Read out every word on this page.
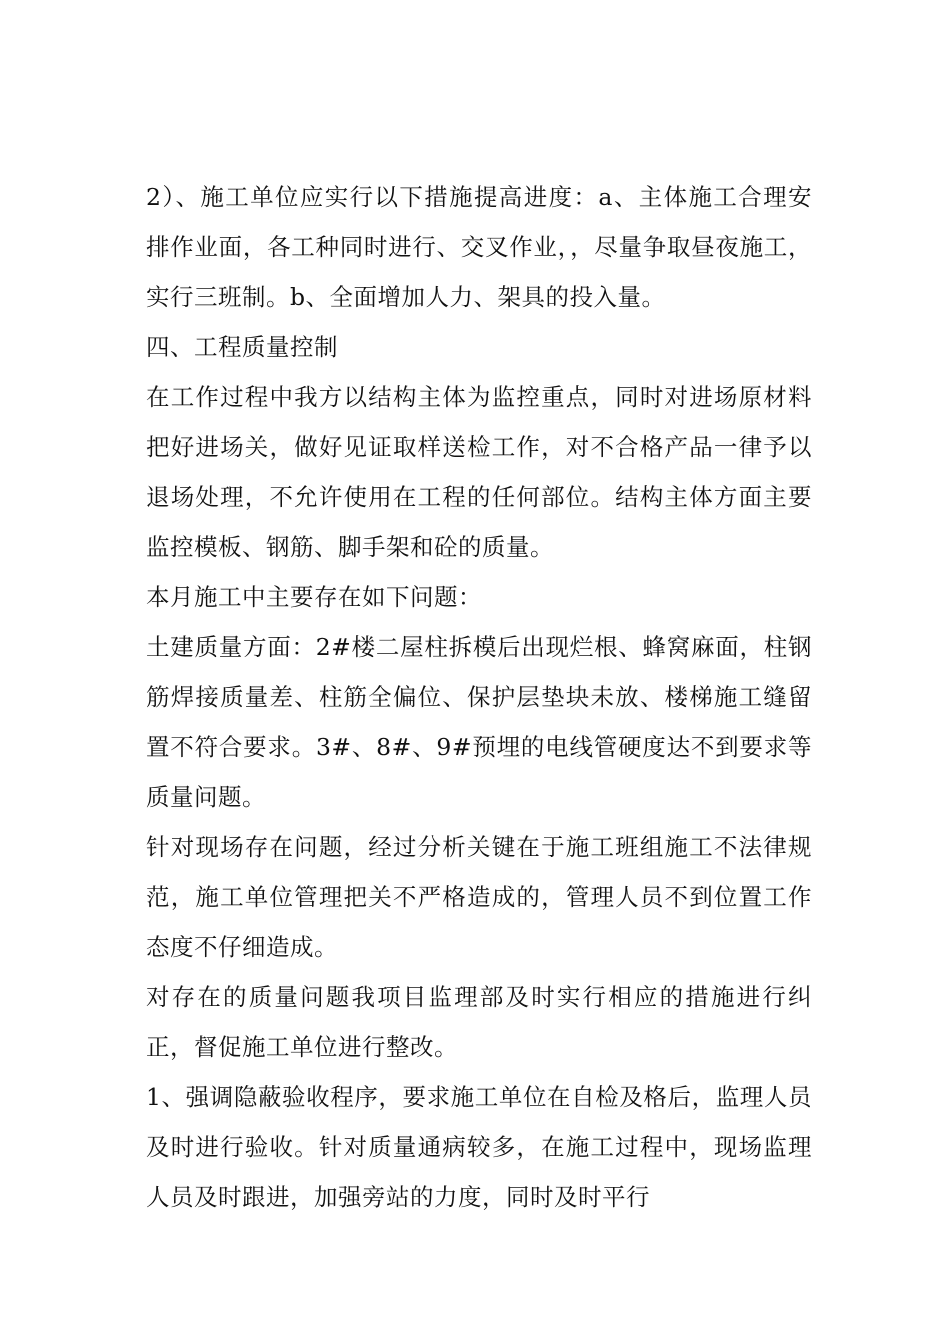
2）、施工单位应实行以下措施提高进度：a、主体施工合理安排作业面，各工种同时进行、交叉作业，，尽量争取昼夜施工，实行三班制。b、全面增加人力、架具的投入量。

四、工程质量控制

在工作过程中我方以结构主体为监控重点，同时对进场原材料把好进场关，做好见证取样送检工作，对不合格产品一律予以退场处理，不允许使用在工程的任何部位。结构主体方面主要监控模板、钢筋、脚手架和砼的质量。

本月施工中主要存在如下问题：

土建质量方面：2#楼二屋柱拆模后出现烂根、蜂窝麻面，柱钢筋焊接质量差、柱筋全偏位、保护层垫块未放、楼梯施工缝留置不符合要求。3#、8#、9#预埋的电线管硬度达不到要求等质量问题。

针对现场存在问题，经过分析关键在于施工班组施工不法律规范，施工单位管理把关不严格造成的，管理人员不到位置工作态度不仔细造成。

对存在的质量问题我项目监理部及时实行相应的措施进行纠正，督促施工单位进行整改。

1、强调隐蔽验收程序，要求施工单位在自检及格后，监理人员及时进行验收。针对质量通病较多，在施工过程中，现场监理人员及时跟进，加强旁站的力度，同时及时平行
